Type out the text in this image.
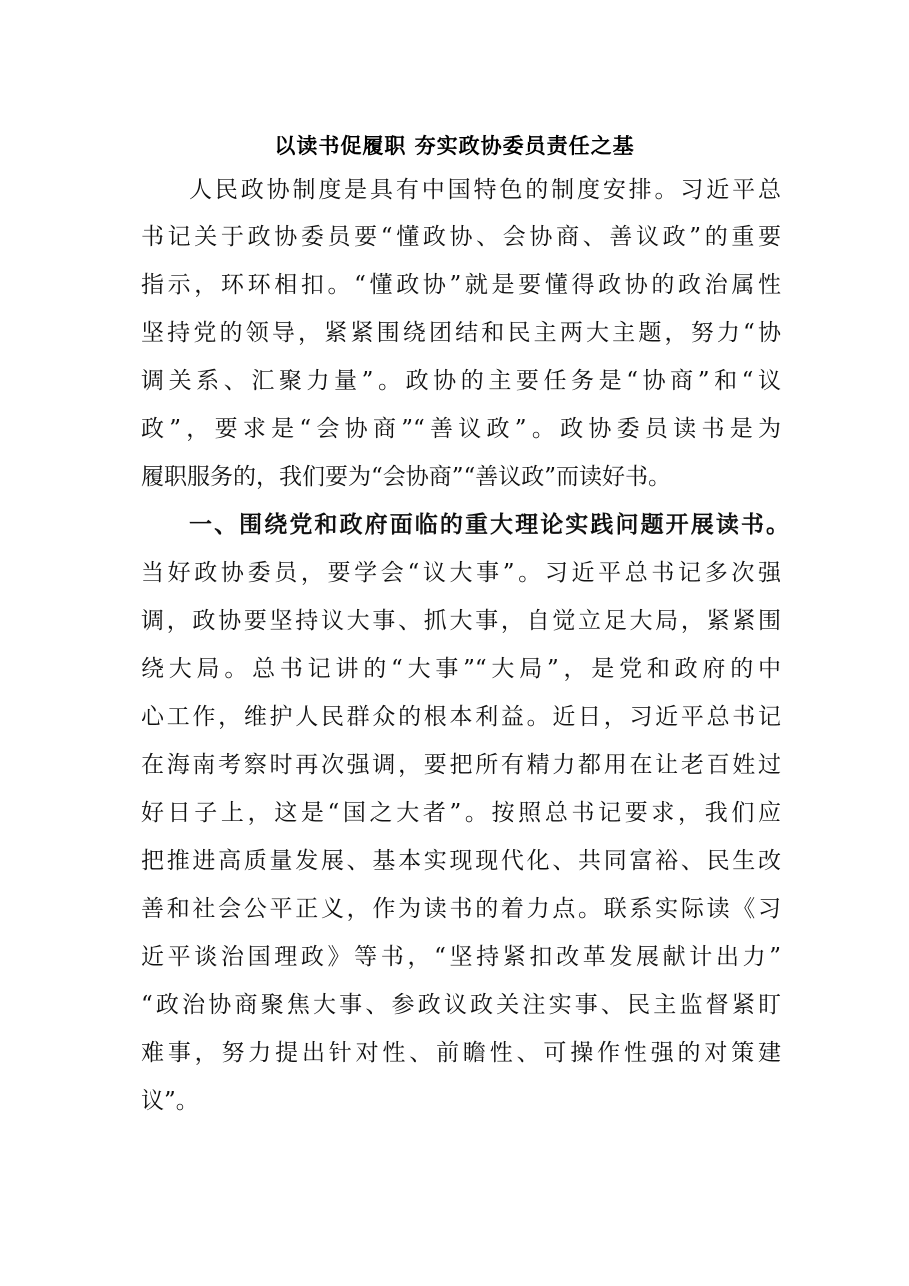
以读书促履职 夯实政协委员责任之基
人民政协制度是具有中国特色的制度安排。习近平总
书记关于政协委员要“懂政协、会协商、善议政”的重要
指示，环环相扣。“懂政协”就是要懂得政协的政治属性
坚持党的领导，紧紧围绕团结和民主两大主题，努力“协
调关系、汇聚力量”。政协的主要任务是“协商”和“议
政”，要求是“会协商”“善议政”。政协委员读书是为
履职服务的，我们要为“会协商”“善议政”而读好书。
一、围绕党和政府面临的重大理论实践问题开展读书。
当好政协委员，要学会“议大事”。习近平总书记多次强
调，政协要坚持议大事、抓大事，自觉立足大局，紧紧围
绕大局。总书记讲的“大事”“大局”，是党和政府的中
心工作，维护人民群众的根本利益。近日，习近平总书记
在海南考察时再次强调，要把所有精力都用在让老百姓过
好日子上，这是“国之大者”。按照总书记要求，我们应
把推进高质量发展、基本实现现代化、共同富裕、民生改
善和社会公平正义，作为读书的着力点。联系实际读《习
近平谈治国理政》等书，“坚持紧扣改革发展献计出力”
“政治协商聚焦大事、参政议政关注实事、民主监督紧盯
难事，努力提出针对性、前瞻性、可操作性强的对策建
议”。
